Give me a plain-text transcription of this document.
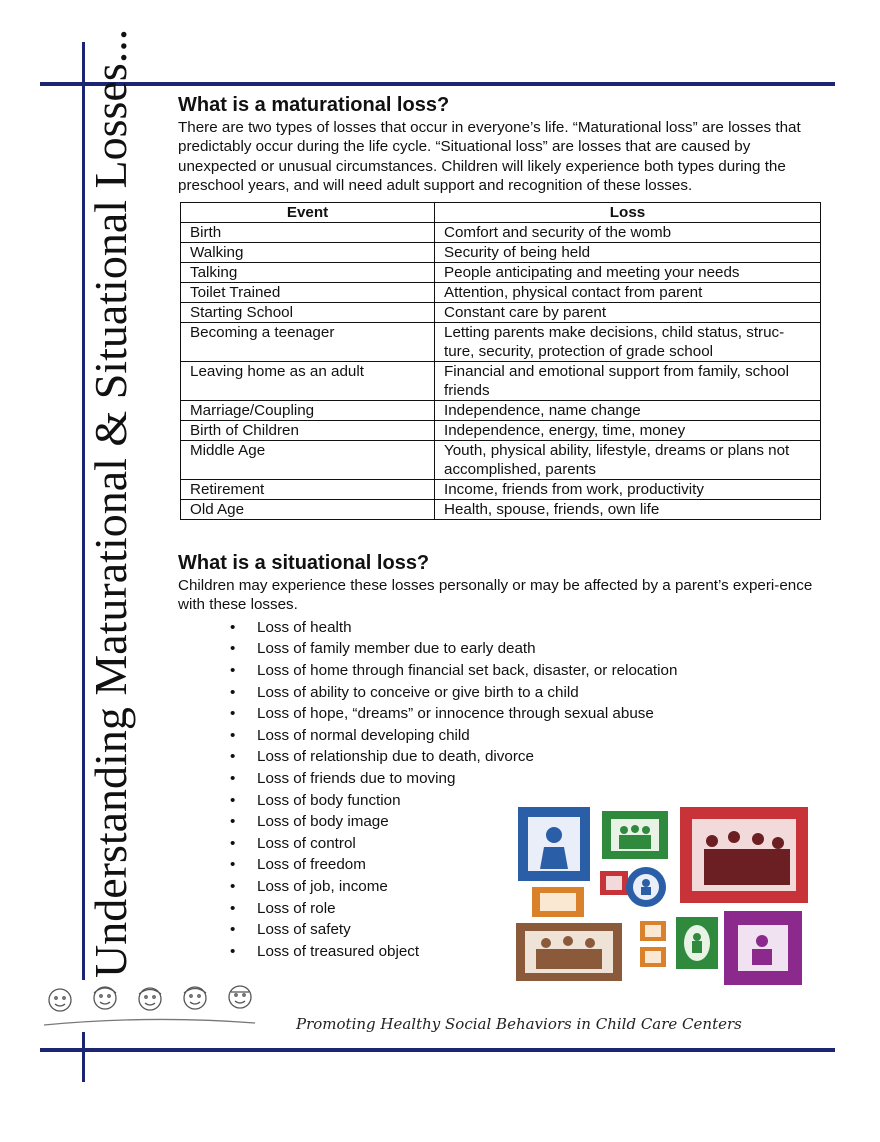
Understanding Maturational & Situational Losses... What is a maturational loss?

There are two types of losses that occur in everyone’s life. “Maturational loss” are losses that predictably occur during the life cycle. “Situational loss” are losses that are caused by unexpected or unusual circumstances. Children will likely experience both types during the preschool years, and will need adult support and recognition of these losses.

Event	Loss
Birth	Comfort and security of the womb
Walking	Security of being held
Talking	People anticipating and meeting your needs
Toilet Trained	Attention, physical contact from parent
Starting School	Constant care by parent
Becoming a teenager	Letting parents make decisions, child status, struc-ture, security, protection of grade school
Leaving home as an adult	Financial and emotional support from family, school friends
Marriage/Coupling	Independence, name change
Birth of Children	Independence, energy, time, money
Middle Age	Youth, physical ability, lifestyle, dreams or plans not accomplished, parents
Retirement	Income, friends from work, productivity
Old Age	Health, spouse, friends, own life
What is a situational loss?

Children may experience these losses personally or may be affected by a parent’s experi-ence with these losses.

• Loss of health
• Loss of family member due to early death
• Loss of home through financial set back, disaster, or relocation
• Loss of ability to conceive or give birth to a child
• Loss of hope, “dreams” or innocence through sexual abuse
• Loss of normal developing child
• Loss of relationship due to death, divorce
• Loss of friends due to moving
• Loss of body function
• Loss of body image
• Loss of control
• Loss of freedom
• Loss of job, income
• Loss of role
• Loss of safety
• Loss of treasured object
Promoting Healthy Social Behaviors in Child Care Centers
